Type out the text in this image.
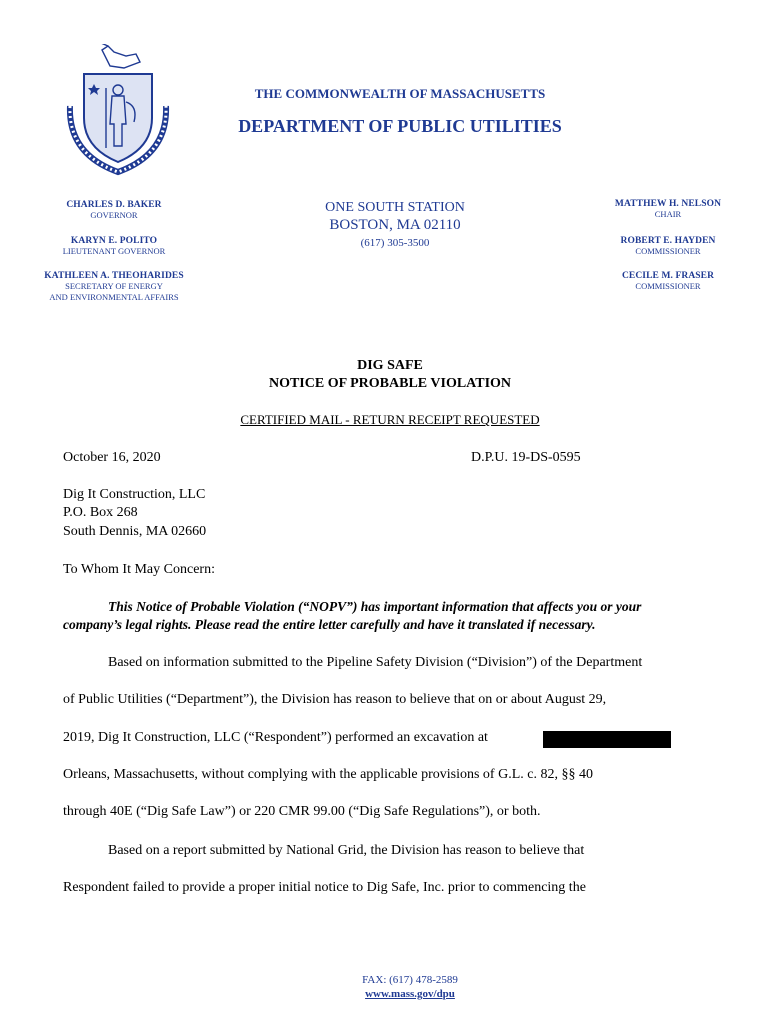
THE COMMONWEALTH OF MASSACHUSETTS
DEPARTMENT OF PUBLIC UTILITIES
CHARLES D. BAKER
GOVERNOR
KARYN E. POLITO
LIEUTENANT GOVERNOR
KATHLEEN A. THEOHARIDES
SECRETARY OF ENERGY
AND ENVIRONMENTAL AFFAIRS
ONE SOUTH STATION
BOSTON, MA 02110
(617) 305-3500
MATTHEW H. NELSON
CHAIR
ROBERT E. HAYDEN
COMMISSIONER
CECILE M. FRASER
COMMISSIONER
DIG SAFE
NOTICE OF PROBABLE VIOLATION
CERTIFIED MAIL - RETURN RECEIPT REQUESTED
October 16, 2020	D.P.U. 19-DS-0595
Dig It Construction, LLC
P.O. Box 268
South Dennis, MA 02660
To Whom It May Concern:
This Notice of Probable Violation (“NOPV”) has important information that affects you or your
company’s legal rights. Please read the entire letter carefully and have it translated if necessary.
Based on information submitted to the Pipeline Safety Division (“Division”) of the Department
of Public Utilities (“Department”), the Division has reason to believe that on or about August 29,
2019, Dig It Construction, LLC (“Respondent”) performed an excavation at
Orleans, Massachusetts, without complying with the applicable provisions of G.L. c. 82, §§ 40
through 40E (“Dig Safe Law”) or 220 CMR 99.00 (“Dig Safe Regulations”), or both.
Based on a report submitted by National Grid, the Division has reason to believe that
Respondent failed to provide a proper initial notice to Dig Safe, Inc. prior to commencing the
FAX: (617) 478-2589
www.mass.gov/dpu
